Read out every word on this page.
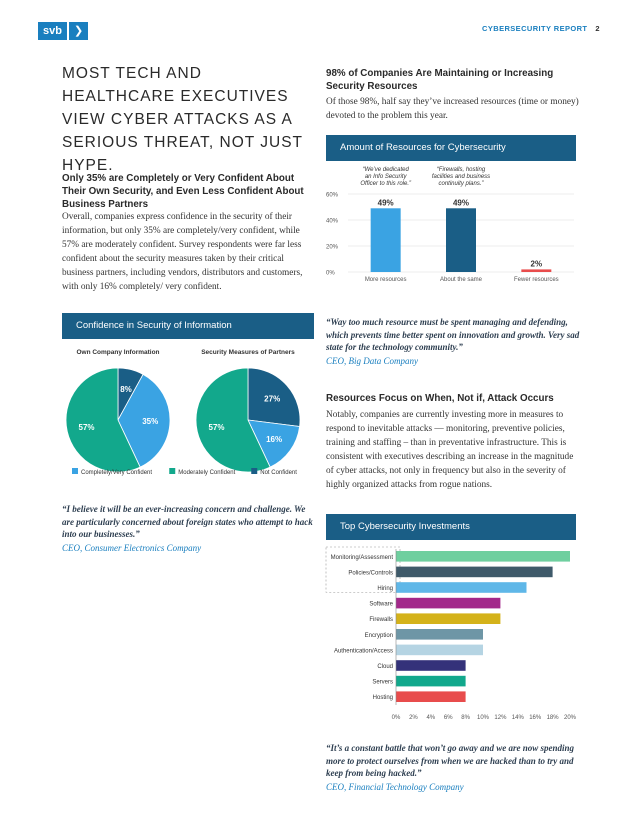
svb	❯	CYBERSECURITY REPORT 2
MOST TECH AND HEALTHCARE EXECUTIVES VIEW CYBER ATTACKS AS A SERIOUS THREAT, NOT JUST HYPE.
Only 35% are Completely or Very Confident About Their Own Security, and Even Less Confident About Business Partners
Overall, companies express confidence in the security of their information, but only 35% are completely/very confident, while 57% are moderately confident. Survey respondents were far less confident about the security measures taken by their critical business partners, including vendors, distributors and customers, with only 16% completely/ very confident.
Confidence in Security of Information
Own Company Information
8%
35%
57%
Security Measures of Partners
27%
16%
57%
Completely/Very Confident	Moderately Confident	Not Confident
“I believe it will be an ever-increasing concern and challenge. We are particularly concerned about foreign states who attempt to hack into our businesses.”
CEO, Consumer Electronics Company
98% of Companies Are Maintaining or Increasing Security Resources
Of those 98%, half say they’ve increased resources (time or money) devoted to the problem this year.
Amount of Resources for Cybersecurity
0%
20%
40%
60%
49%
More resources
49%
About the same
2%
Fewer resources
“We’ve dedicated an Info Security Officer to this role.”
“Firewalls, hosting facilities and business continuity plans.”
“Way too much resource must be spent managing and defending, which prevents time better spent on innovation and growth. Very sad state for the technology community.”
CEO, Big Data Company
Resources Focus on When, Not if, Attack Occurs
Notably, companies are currently investing more in measures to respond to inevitable attacks — monitoring, preventive policies, training and staffing – than in preventative infrastructure. This is consistent with executives describing an increase in the magnitude of cyber attacks, not only in frequency but also in the severity of highly organized attacks from rogue nations.
Top Cybersecurity Investments
Monitoring/Assessment
Policies/Controls
Hiring
Software
Firewalls
Encryption
Authentication/Access
Cloud
Servers
Hosting
0% 2% 4% 6% 8% 10% 12% 14% 16% 18% 20%
“It’s a constant battle that won’t go away and we are now spending more to protect ourselves from when we are hacked than to try and keep from being hacked.”
CEO, Financial Technology Company
